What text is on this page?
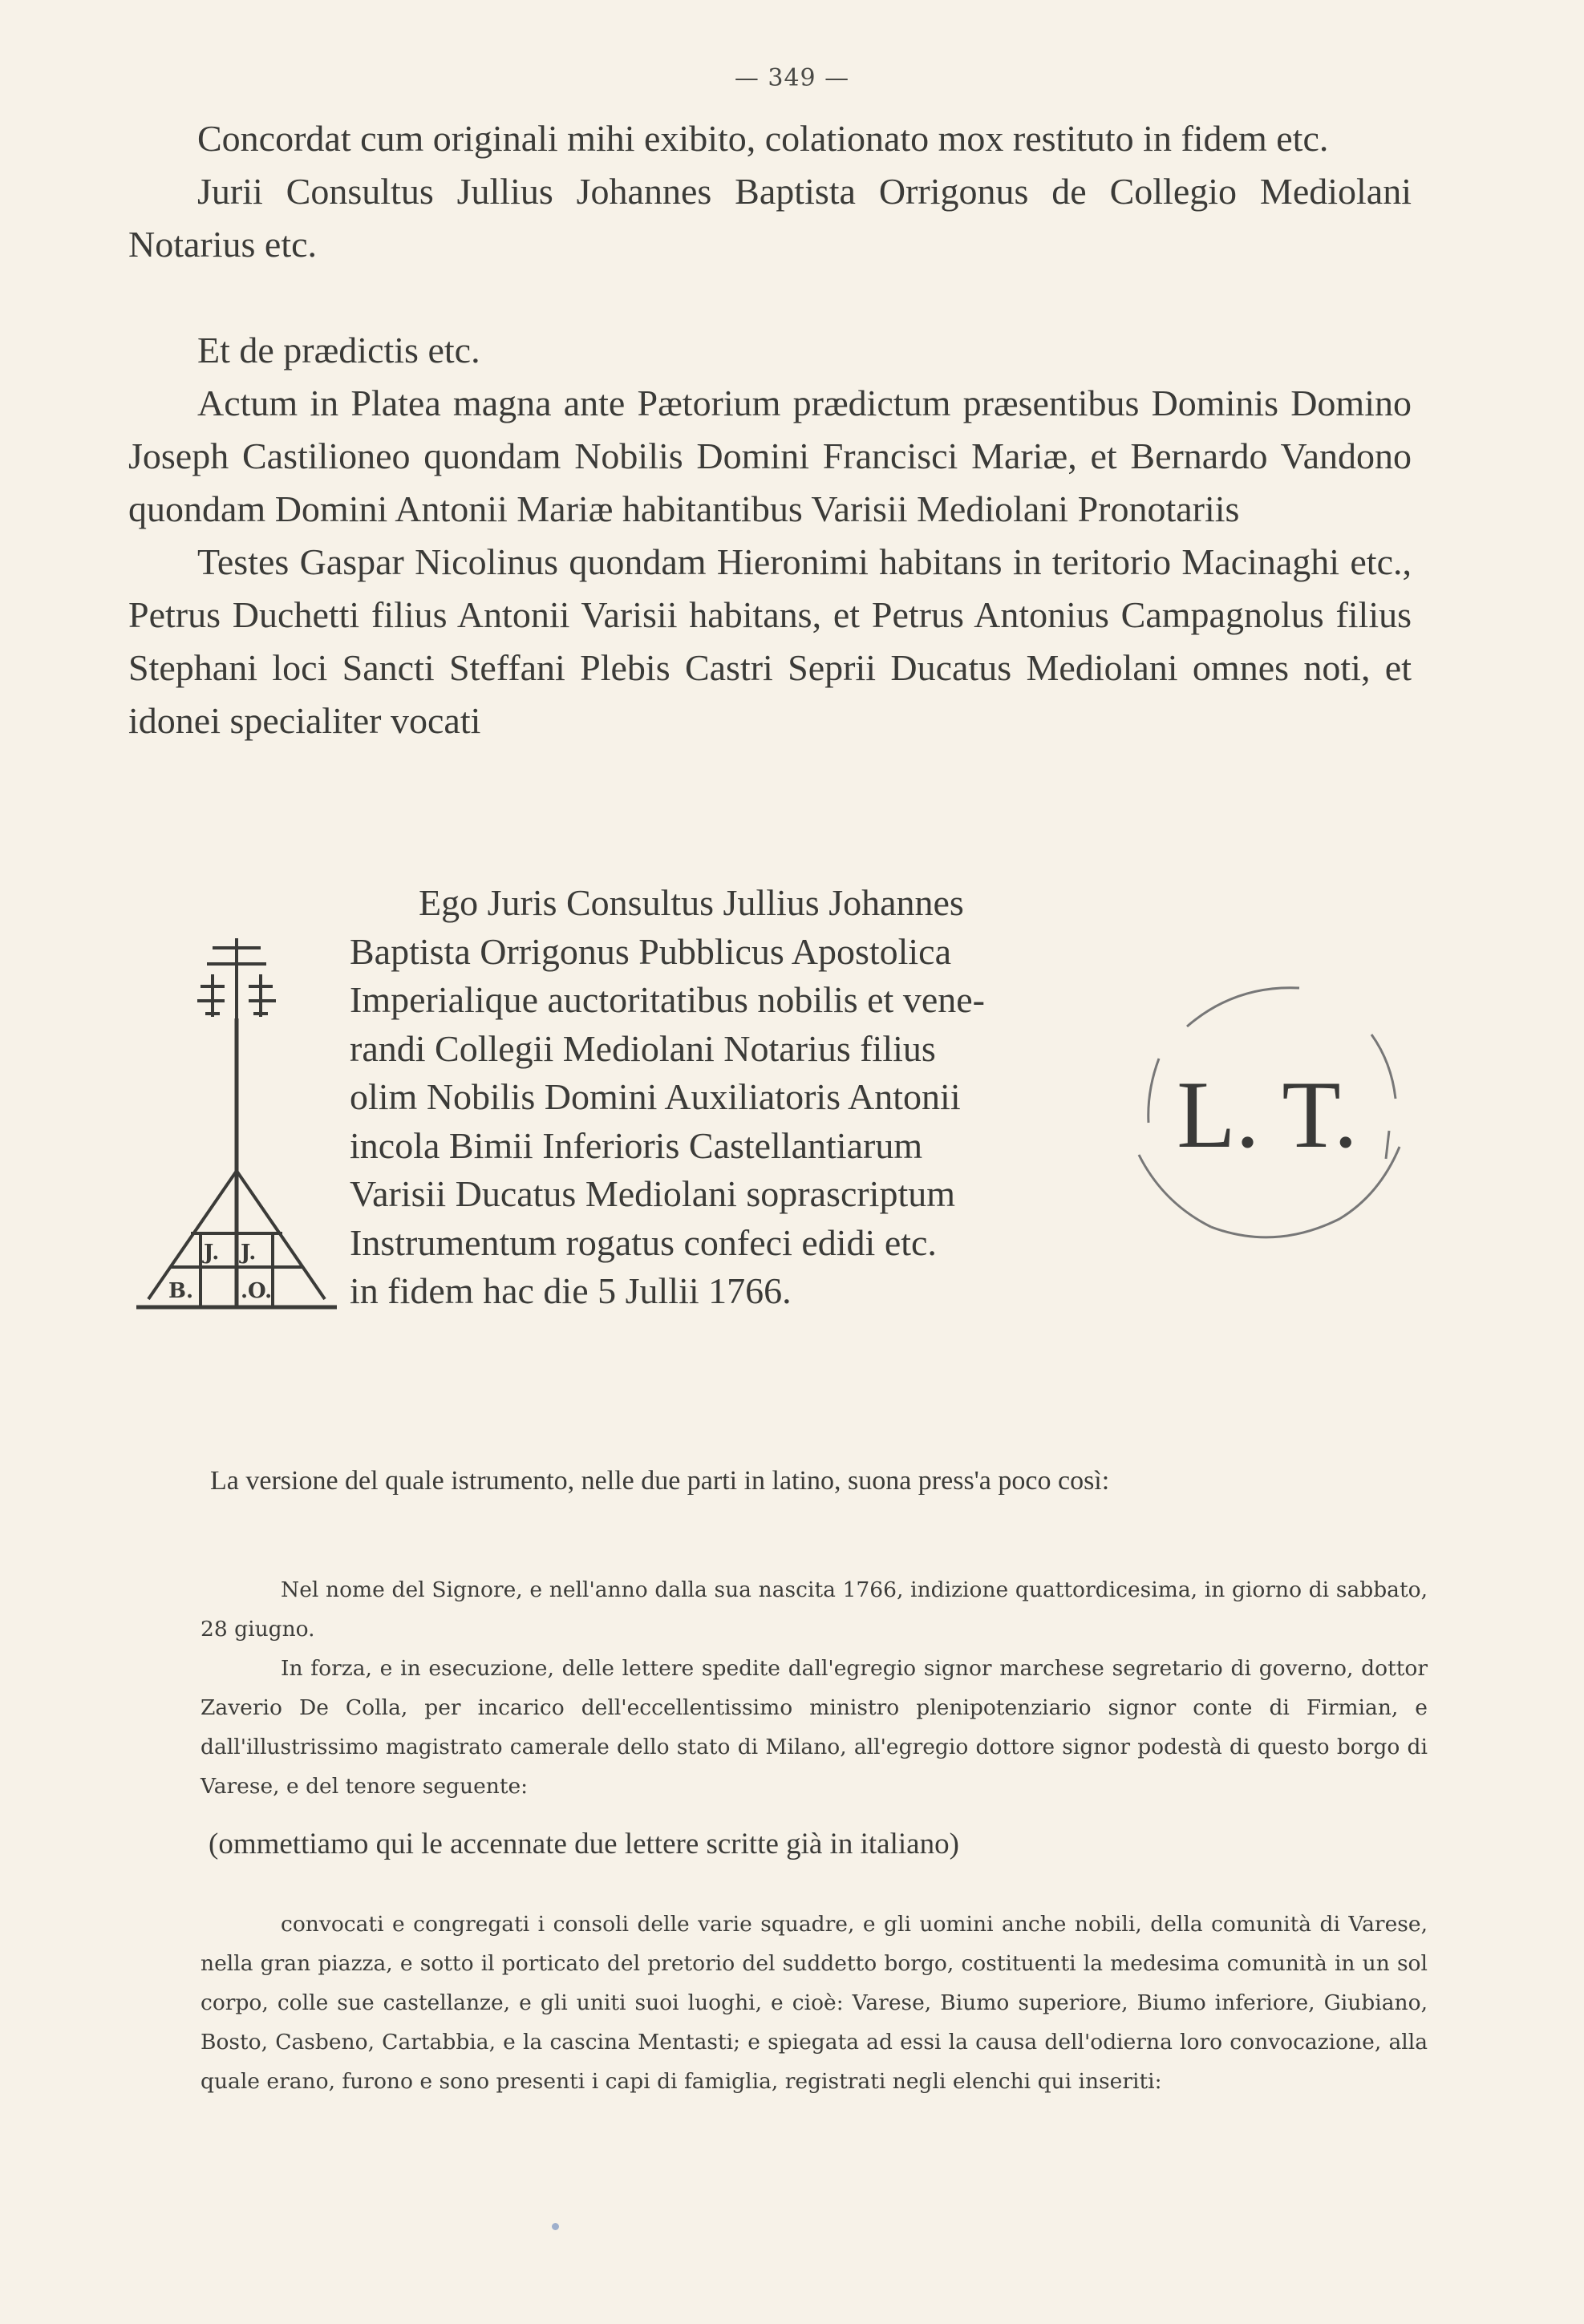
— 349 —

Concordat cum originali mihi exibito, colationato mox restituto in fidem etc.

Jurii Consultus Jullius Johannes Baptista Orrigonus de Collegio Mediolani Notarius etc.

Et de prædictis etc.

Actum in Platea magna ante Pætorium prædictum præsentibus Dominis Domino Joseph Castilioneo quondam Nobilis Domini Francisci Mariæ, et Bernardo Vandono quondam Domini Antonii Mariæ habitantibus Varisii Mediolani Pronotariis

Testes Gaspar Nicolinus quondam Hieronimi habitans in teritorio Macinaghi etc., Petrus Duchetti filius Antonii Varisii habitans, et Petrus Antonius Campagnolus filius Stephani loci Sancti Steffani Plebis Castri Seprii Ducatus Mediolani omnes noti, et idonei specialiter vocati

J. J.
B. .O.

Ego Juris Consultus Jullius Johannes

Baptista Orrigonus Pubblicus Apostolica

Imperialique auctoritatibus nobilis et vene-

randi Collegii Mediolani Notarius filius

olim Nobilis Domini Auxiliatoris Antonii

incola Bimii Inferioris Castellantiarum

Varisii Ducatus Mediolani soprascriptum

Instrumentum rogatus confeci edidi etc.

in fidem hac die 5 Jullii 1766.

L. T.
La versione del quale istrumento, nelle due parti in latino, suona press'a poco così:

Nel nome del Signore, e nell'anno dalla sua nascita 1766, indizione quattordicesima, in giorno di sabbato, 28 giugno.

In forza, e in esecuzione, delle lettere spedite dall'egregio signor marchese segretario di governo, dottor Zaverio De Colla, per incarico dell'eccellentissimo ministro plenipotenziario signor conte di Firmian, e dall'illustrissimo magistrato camerale dello stato di Milano, all'egregio dottore signor podestà di questo borgo di Varese, e del tenore seguente:

(ommettiamo qui le accennate due lettere scritte già in italiano)

convocati e congregati i consoli delle varie squadre, e gli uomini anche nobili, della comunità di Varese, nella gran piazza, e sotto il porticato del pretorio del suddetto borgo, costituenti la medesima comunità in un sol corpo, colle sue castellanze, e gli uniti suoi luoghi, e cioè: Varese, Biumo superiore, Biumo inferiore, Giubiano, Bosto, Casbeno, Cartabbia, e la cascina Mentasti; e spiegata ad essi la causa dell'odierna loro convocazione, alla quale erano, furono e sono presenti i capi di famiglia, registrati negli elenchi qui inseriti:
